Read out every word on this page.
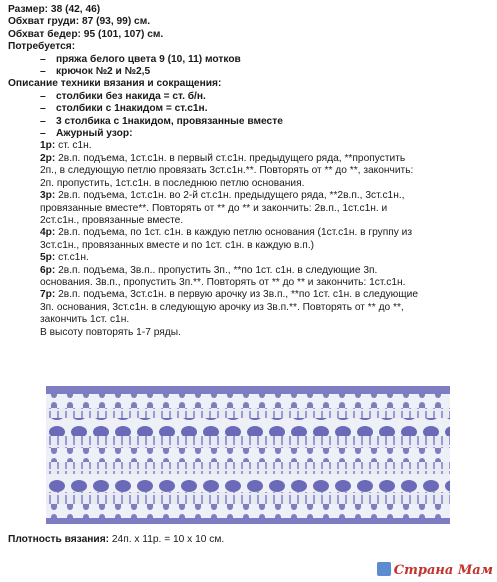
Размер: 38 (42, 46)
Обхват груди: 87 (93, 99) см.
Обхват бедер: 95 (101, 107) см.
Потребуется:
– пряжа белого цвета 9 (10, 11) мотков
– крючок №2 и №2,5
Описание техники вязания и сокращения:
– столбики без накида = ст. б/н.
– столбики с 1накидом = ст.с1н.
– 3 столбика с 1накидом, провязанные вместе
– Ажурный узор:
1р: ст. с1н.
2р: 2в.п. подъема, 1ст.с1н. в первый ст.с1н. предыдущего ряда, **пропустить
2п., в следующую петлю провязать 3ст.с1н.**. Повторять от ** до **, закончить:
2п. пропустить, 1ст.с1н. в последнюю петлю основания.
3р: 2в.п. подъема, 1ст.с1н. во 2-й ст.с1н. предыдущего ряда, **2в.п., 3ст.с1н.,
провязанные вместе**. Повторять от ** до ** и закончить: 2в.п., 1ст.с1н. и
2ст.с1н., провязанные вместе.
4р: 2в.п. подъема, по 1ст. с1н. в каждую петлю основания (1ст.с1н. в группу из
3ст.с1н., провязанных вместе и по 1ст. с1н. в каждую в.п.)
5р: ст.с1н.
6р: 2в.п. подъема, 3в.п.. пропустить 3п., **по 1ст. с1н. в следующие 3п.
основания. 3в.п., пропустить 3п.**. Повторять от ** до ** и закончить: 1ст.с1н.
7р: 2в.п. подъема, 3ст.с1н. в первую арочку из 3в.п., **по 1ст. с1н. в следующие
3п. основания, 3ст.с1н. в следующую арочку из 3в.п.**. Повторять от ** до **,
закончить 1ст. с1н.
В высоту повторять 1-7 ряды.
Плотность вязания: 24п. х 11р. = 10 х 10 см.
Страна Мам
